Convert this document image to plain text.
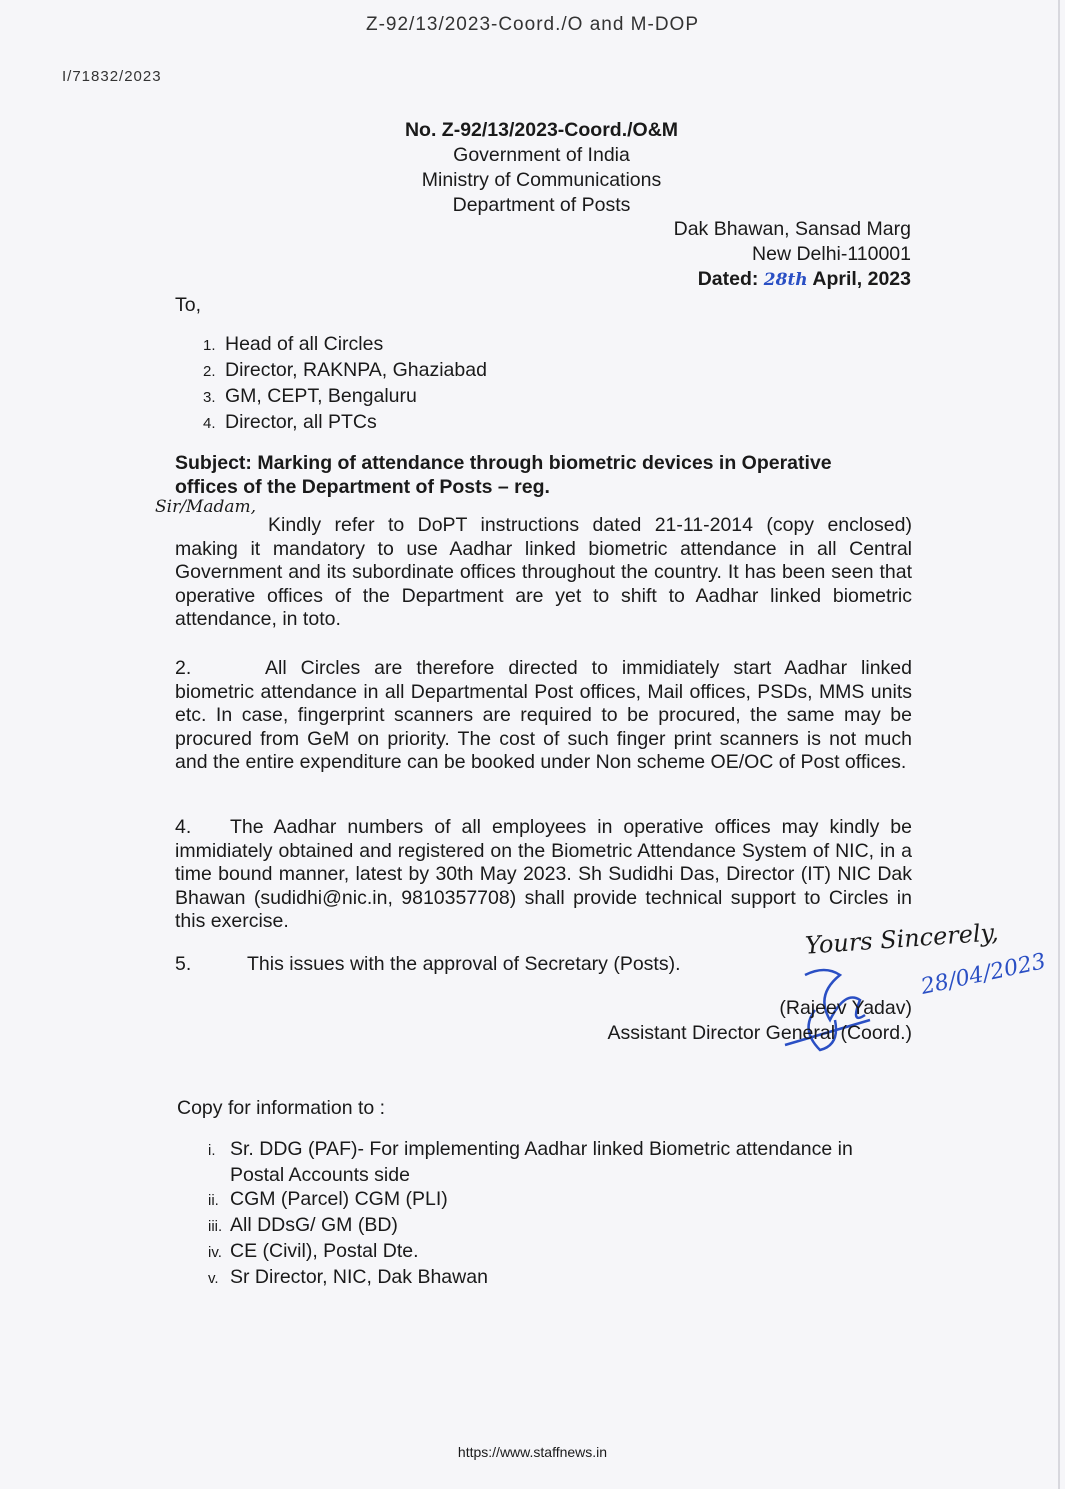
Z-92/13/2023-Coord./O and M-DOP
I/71832/2023
No. Z-92/13/2023-Coord./O&M
Government of India
Ministry of Communications
Department of Posts
Dak Bhawan, Sansad Marg
New Delhi-110001
Dated: 28th April, 2023
To,
1. Head of all Circles
2. Director, RAKNPA, Ghaziabad
3. GM, CEPT, Bengaluru
4. Director, all PTCs
Subject: Marking of attendance through biometric devices in Operative
offices of the Department of Posts – reg.
Sir/Madam,
Kindly refer to DoPT instructions dated 21-11-2014 (copy enclosed) making it mandatory to use Aadhar linked biometric attendance in all Central Government and its subordinate offices throughout the country. It has been seen that operative offices of the Department are yet to shift to Aadhar linked biometric attendance, in toto.
2.	All Circles are therefore directed to immidiately start Aadhar linked biometric attendance in all Departmental Post offices, Mail offices, PSDs, MMS units etc. In case, fingerprint scanners are required to be procured, the same may be procured from GeM on priority. The cost of such finger print scanners is not much and the entire expenditure can be booked under Non scheme OE/OC of Post offices.
4. The Aadhar numbers of all employees in operative offices may kindly be immidiately obtained and registered on the Biometric Attendance System of NIC, in a time bound manner, latest by 30th May 2023. Sh Sudidhi Das, Director (IT) NIC Dak Bhawan (sudidhi@nic.in, 9810357708) shall provide technical support to Circles in this exercise.
5.	This issues with the approval of Secretary (Posts).
Yours Sincerely,
28/04/2023
(Rajeev Yadav)
Assistant Director General (Coord.)
Copy for information to :
i. Sr. DDG (PAF)- For implementing Aadhar linked Biometric attendance in
Postal Accounts side
ii. CGM (Parcel) CGM (PLI)
iii. All DDsG/ GM (BD)
iv. CE (Civil), Postal Dte.
v. Sr Director, NIC, Dak Bhawan
https://www.staffnews.in
